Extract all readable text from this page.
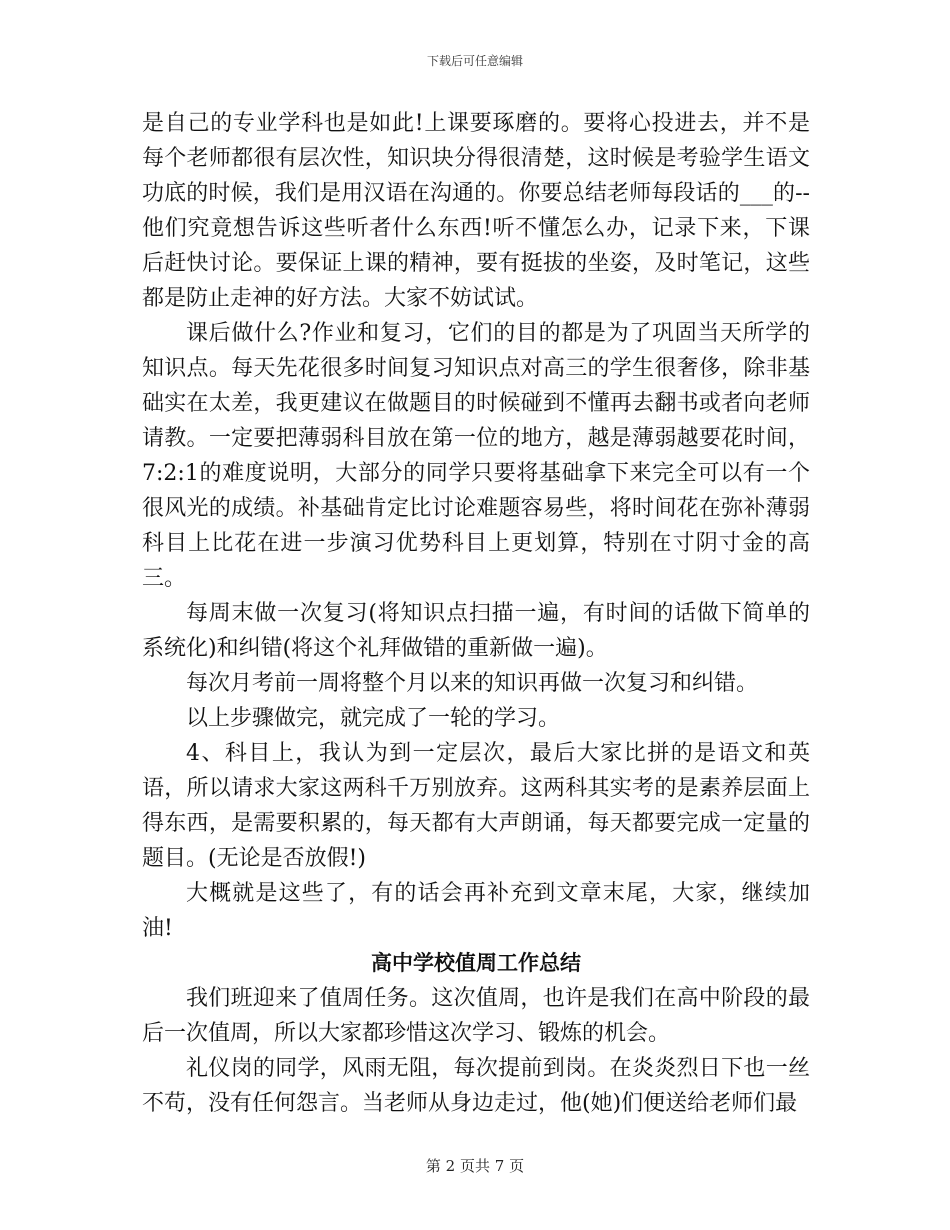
下载后可任意编辑

是自己的专业学科也是如此!上课要琢磨的。要将心投进去，并不是每个老师都很有层次性，知识块分得很清楚，这时候是考验学生语文功底的时候，我们是用汉语在沟通的。你要总结老师每段话的___的--他们究竟想告诉这些听者什么东西!听不懂怎么办，记录下来，下课后赶快讨论。要保证上课的精神，要有挺拔的坐姿，及时笔记，这些都是防止走神的好方法。大家不妨试试。

课后做什么?作业和复习，它们的目的都是为了巩固当天所学的知识点。每天先花很多时间复习知识点对高三的学生很奢侈，除非基础实在太差，我更建议在做题目的时候碰到不懂再去翻书或者向老师请教。一定要把薄弱科目放在第一位的地方，越是薄弱越要花时间，7:2:1的难度说明，大部分的同学只要将基础拿下来完全可以有一个很风光的成绩。补基础肯定比讨论难题容易些，将时间花在弥补薄弱科目上比花在进一步演习优势科目上更划算，特别在寸阴寸金的高三。

每周末做一次复习(将知识点扫描一遍，有时间的话做下简单的系统化)和纠错(将这个礼拜做错的重新做一遍)。

每次月考前一周将整个月以来的知识再做一次复习和纠错。

以上步骤做完，就完成了一轮的学习。

4、科目上，我认为到一定层次，最后大家比拼的是语文和英语，所以请求大家这两科千万别放弃。这两科其实考的是素养层面上得东西，是需要积累的，每天都有大声朗诵，每天都要完成一定量的题目。(无论是否放假!)

大概就是这些了，有的话会再补充到文章末尾，大家，继续加油!

高中学校值周工作总结

我们班迎来了值周任务。这次值周，也许是我们在高中阶段的最后一次值周，所以大家都珍惜这次学习、锻炼的机会。

礼仪岗的同学，风雨无阻，每次提前到岗。在炎炎烈日下也一丝不苟，没有任何怨言。当老师从身边走过，他(她)们便送给老师们最

第 2 页共 7 页
